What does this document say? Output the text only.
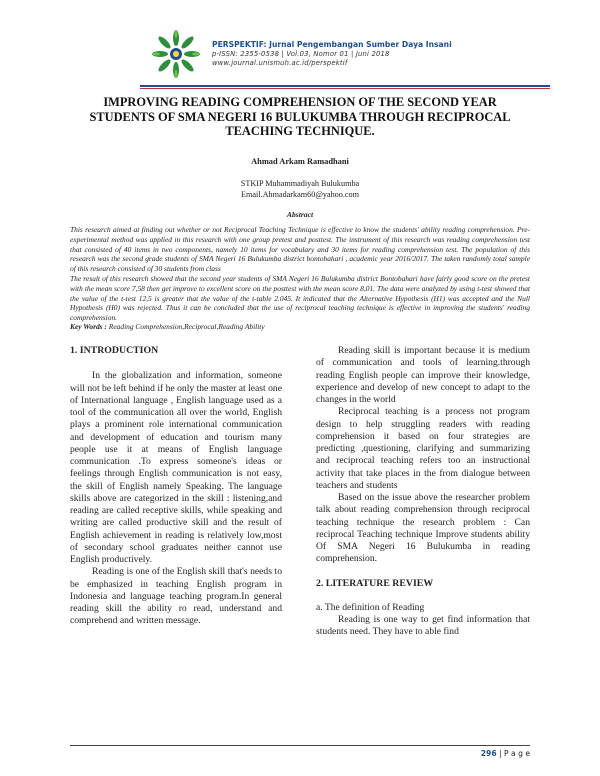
PERSPEKTIF: Jurnal Pengembangan Sumber Daya Insani
p-ISSN: 2355-0538 | Vol.03, Nomor 01 | Juni 2018
www.journal.unismuh.ac.id/perspektif
IMPROVING READING COMPREHENSION OF THE SECOND YEAR STUDENTS OF SMA NEGERI 16 BULUKUMBA THROUGH RECIPROCAL TEACHING TECHNIQUE.
Ahmad Arkam Ramadhani
STKIP Muhammadiyah Bulukumba
Email.Ahmadarkam60@yahoo.com
Abstract

This research aimed at finding out whether or not Reciprocal Teaching Technique is effective to know the students' ability reading comprehension. Pre-experimental method was applied in this research with one group pretest and posttest. The instrument of this research was reading comprehension test that consisted of 40 items in two components, namely 10 items for vocabulary and 30 items for reading comprehension test. The population of this research was the second grade students of SMA Negeri 16 Bulukumba district bontobahari , academic year 2016/2017. The taken randomly total sample of this research consisted of 30 students from class

The result of this research showed that the second year students of SMA Negeri 16 Bulukumba district Bontobahari have fairly good score on the pretest with the mean score 7,58 then get improve to excellent score on the posttest with the mean score 8,01. The data were analyzed by using t-test showed that the value of the t-test 12,5 is greater that the value of the t-table 2.045. It indicated that the Alternative Hypothesis (H1) was accepted and the Null Hypothesis (H0) was rejected. Thus it can be concluded that the use of reciprocal teaching technique is effective in improving the students' reading comprehension.

Key Words : Reading Comprehension,Reciprocal,Reading Ability
1. INTRODUCTION

In the globalization and information, someone will not be left behind if he only the master at least one of International language , English language used as a tool of the communication all over the world, English plays a prominent role international communication and development of education and tourism many people use it at means of English language communication .To express someone's ideas or feelings through English communication is not easy, the skill of English namely Speaking. The language skills above are categorized in the skill : listening,and reading are called receptive skills, while speaking and writing are called productive skill and the result of English achievement in reading is relatively low,most of secondary school graduates neither cannot use English productively.

Reading is one of the English skill that's needs to be emphasized in teaching English program in Indonesia and language teaching program.In general reading skill the ability ro read, understand and comprehend and written message.

Reading skill is important because it is medium of communication and tools of learning.through reading English people can improve their knowledge, experience and develop of new concept to adapt to the changes in the world

Reciprocal teaching is a process not program design to help struggling readers with reading comprehension it based on four strategies are predicting ,questioning, clarifying and summarizing and reciprocal teaching refers too an instructional activity that take places in the from dialogue between teachers and students

Based on the issue above the researcher problem talk about reading comprehension through reciprocal teaching technique the research problem : Can reciprocal Teaching technique Improve students ability Of SMA Negeri 16 Bulukumba in reading comprehension.

2. LITERATURE REVIEW

a. The definition of Reading

Reading is one way to get find information that students need. They have to able find

296 | P a g e
